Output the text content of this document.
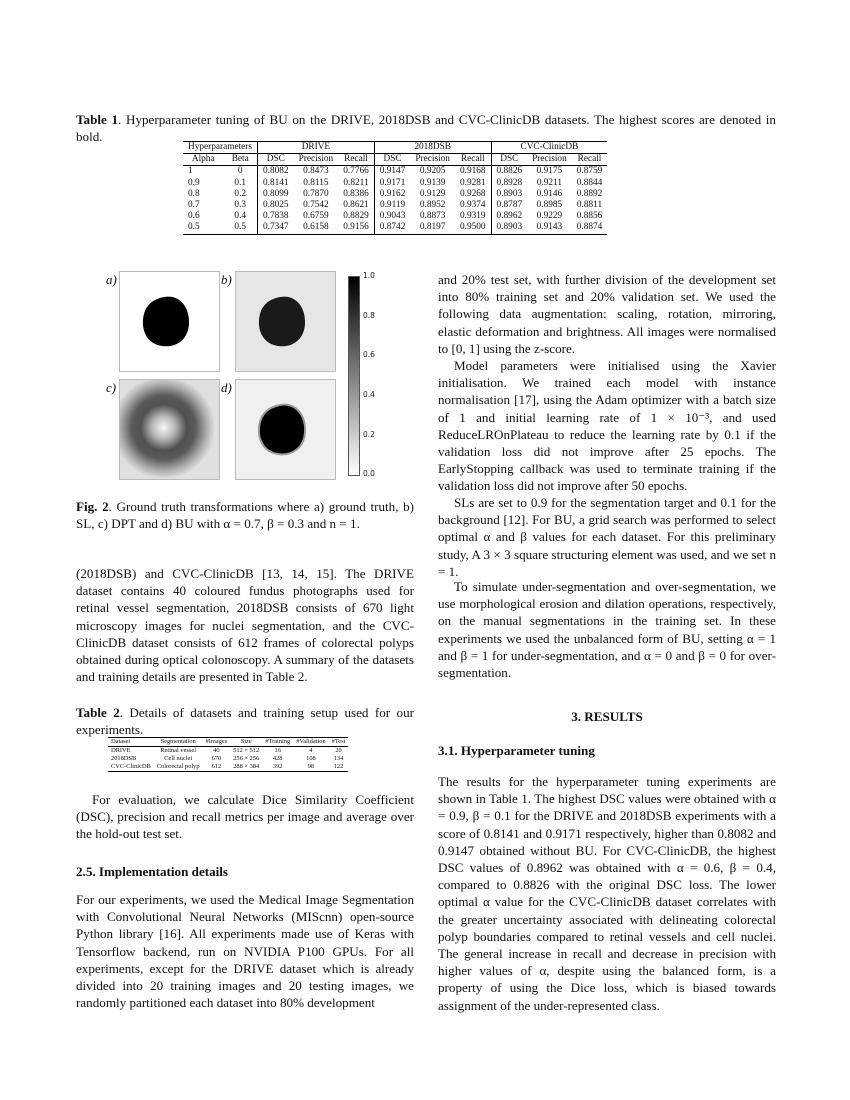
Table 1. Hyperparameter tuning of BU on the DRIVE, 2018DSB and CVC-ClinicDB datasets. The highest scores are denoted in bold.
Hyperparameters		DRIVE			2018DSB			CVC-ClinicDB		
Alpha	Beta	DSC	Precision	Recall	DSC	Precision	Recall	DSC	Precision	Recall
1	0	0.8082	0.8473	0.7766	0.9147	0.9205	0.9168	0.8826	0.9175	0.8759
0.9	0.1	0.8141	0.8115	0.8211	0.9171	0.9139	0.9281	0.8928	0.9211	0.8844
0.8	0.2	0.8099	0.7870	0.8386	0.9162	0.9129	0.9268	0.8903	0.9146	0.8892
0.7	0.3	0.8025	0.7542	0.8621	0.9119	0.8952	0.9374	0.8787	0.8985	0.8811
0.6	0.4	0.7838	0.6759	0.8829	0.9043	0.8873	0.9319	0.8962	0.9229	0.8856
0.5	0.5	0.7347	0.6158	0.9156	0.8742	0.8197	0.9500	0.8903	0.9143	0.8874
a)	b)
c)	d)
1.0
0.8
0.6
0.4
0.2
0.0
Fig. 2. Ground truth transformations where a) ground truth, b) SL, c) DPT and d) BU with α = 0.7, β = 0.3 and n = 1.
(2018DSB) and CVC-ClinicDB [13, 14, 15]. The DRIVE dataset contains 40 coloured fundus photographs used for retinal vessel segmentation, 2018DSB consists of 670 light microscopy images for nuclei segmentation, and the CVC-ClinicDB dataset consists of 612 frames of colorectal polyps obtained during optical colonoscopy. A summary of the datasets and training details are presented in Table 2.
Table 2. Details of datasets and training setup used for our experiments.
Dataset	Segmentation	#Images	Size	#Training	#Validation	#Test
DRIVE	Retinal vessel	40	512 × 512	16	4	20
2018DSB	Cell nuclei	670	256 × 256	428	108	134
CVC-ClinicDB	Colorectal polyp	612	288 × 384	392	98	122
For evaluation, we calculate Dice Similarity Coefficient (DSC), precision and recall metrics per image and average over the hold-out test set.
2.5. Implementation details
For our experiments, we used the Medical Image Segmentation with Convolutional Neural Networks (MIScnn) open-source Python library [16]. All experiments made use of Keras with Tensorflow backend, run on NVIDIA P100 GPUs. For all experiments, except for the DRIVE dataset which is already divided into 20 training images and 20 testing images, we randomly partitioned each dataset into 80% development
and 20% test set, with further division of the development set into 80% training set and 20% validation set. We used the following data augmentation: scaling, rotation, mirroring, elastic deformation and brightness. All images were normalised to [0, 1] using the z-score.
Model parameters were initialised using the Xavier initialisation. We trained each model with instance normalisation [17], using the Adam optimizer with a batch size of 1 and initial learning rate of 1 × 10⁻³, and used ReduceLROnPlateau to reduce the learning rate by 0.1 if the validation loss did not improve after 25 epochs. The EarlyStopping callback was used to terminate training if the validation loss did not improve after 50 epochs.
SLs are set to 0.9 for the segmentation target and 0.1 for the background [12]. For BU, a grid search was performed to select optimal α and β values for each dataset. For this preliminary study, A 3 × 3 square structuring element was used, and we set n = 1.
To simulate under-segmentation and over-segmentation, we use morphological erosion and dilation operations, respectively, on the manual segmentations in the training set. In these experiments we used the unbalanced form of BU, setting α = 1 and β = 1 for under-segmentation, and α = 0 and β = 0 for over-segmentation.
3. RESULTS
3.1. Hyperparameter tuning
The results for the hyperparameter tuning experiments are shown in Table 1. The highest DSC values were obtained with α = 0.9, β = 0.1 for the DRIVE and 2018DSB experiments with a score of 0.8141 and 0.9171 respectively, higher than 0.8082 and 0.9147 obtained without BU. For CVC-ClinicDB, the highest DSC values of 0.8962 was obtained with α = 0.6, β = 0.4, compared to 0.8826 with the original DSC loss. The lower optimal α value for the CVC-ClinicDB dataset correlates with the greater uncertainty associated with delineating colorectal polyp boundaries compared to retinal vessels and cell nuclei. The general increase in recall and decrease in precision with higher values of α, despite using the balanced form, is a property of using the Dice loss, which is biased towards assignment of the under-represented class.
